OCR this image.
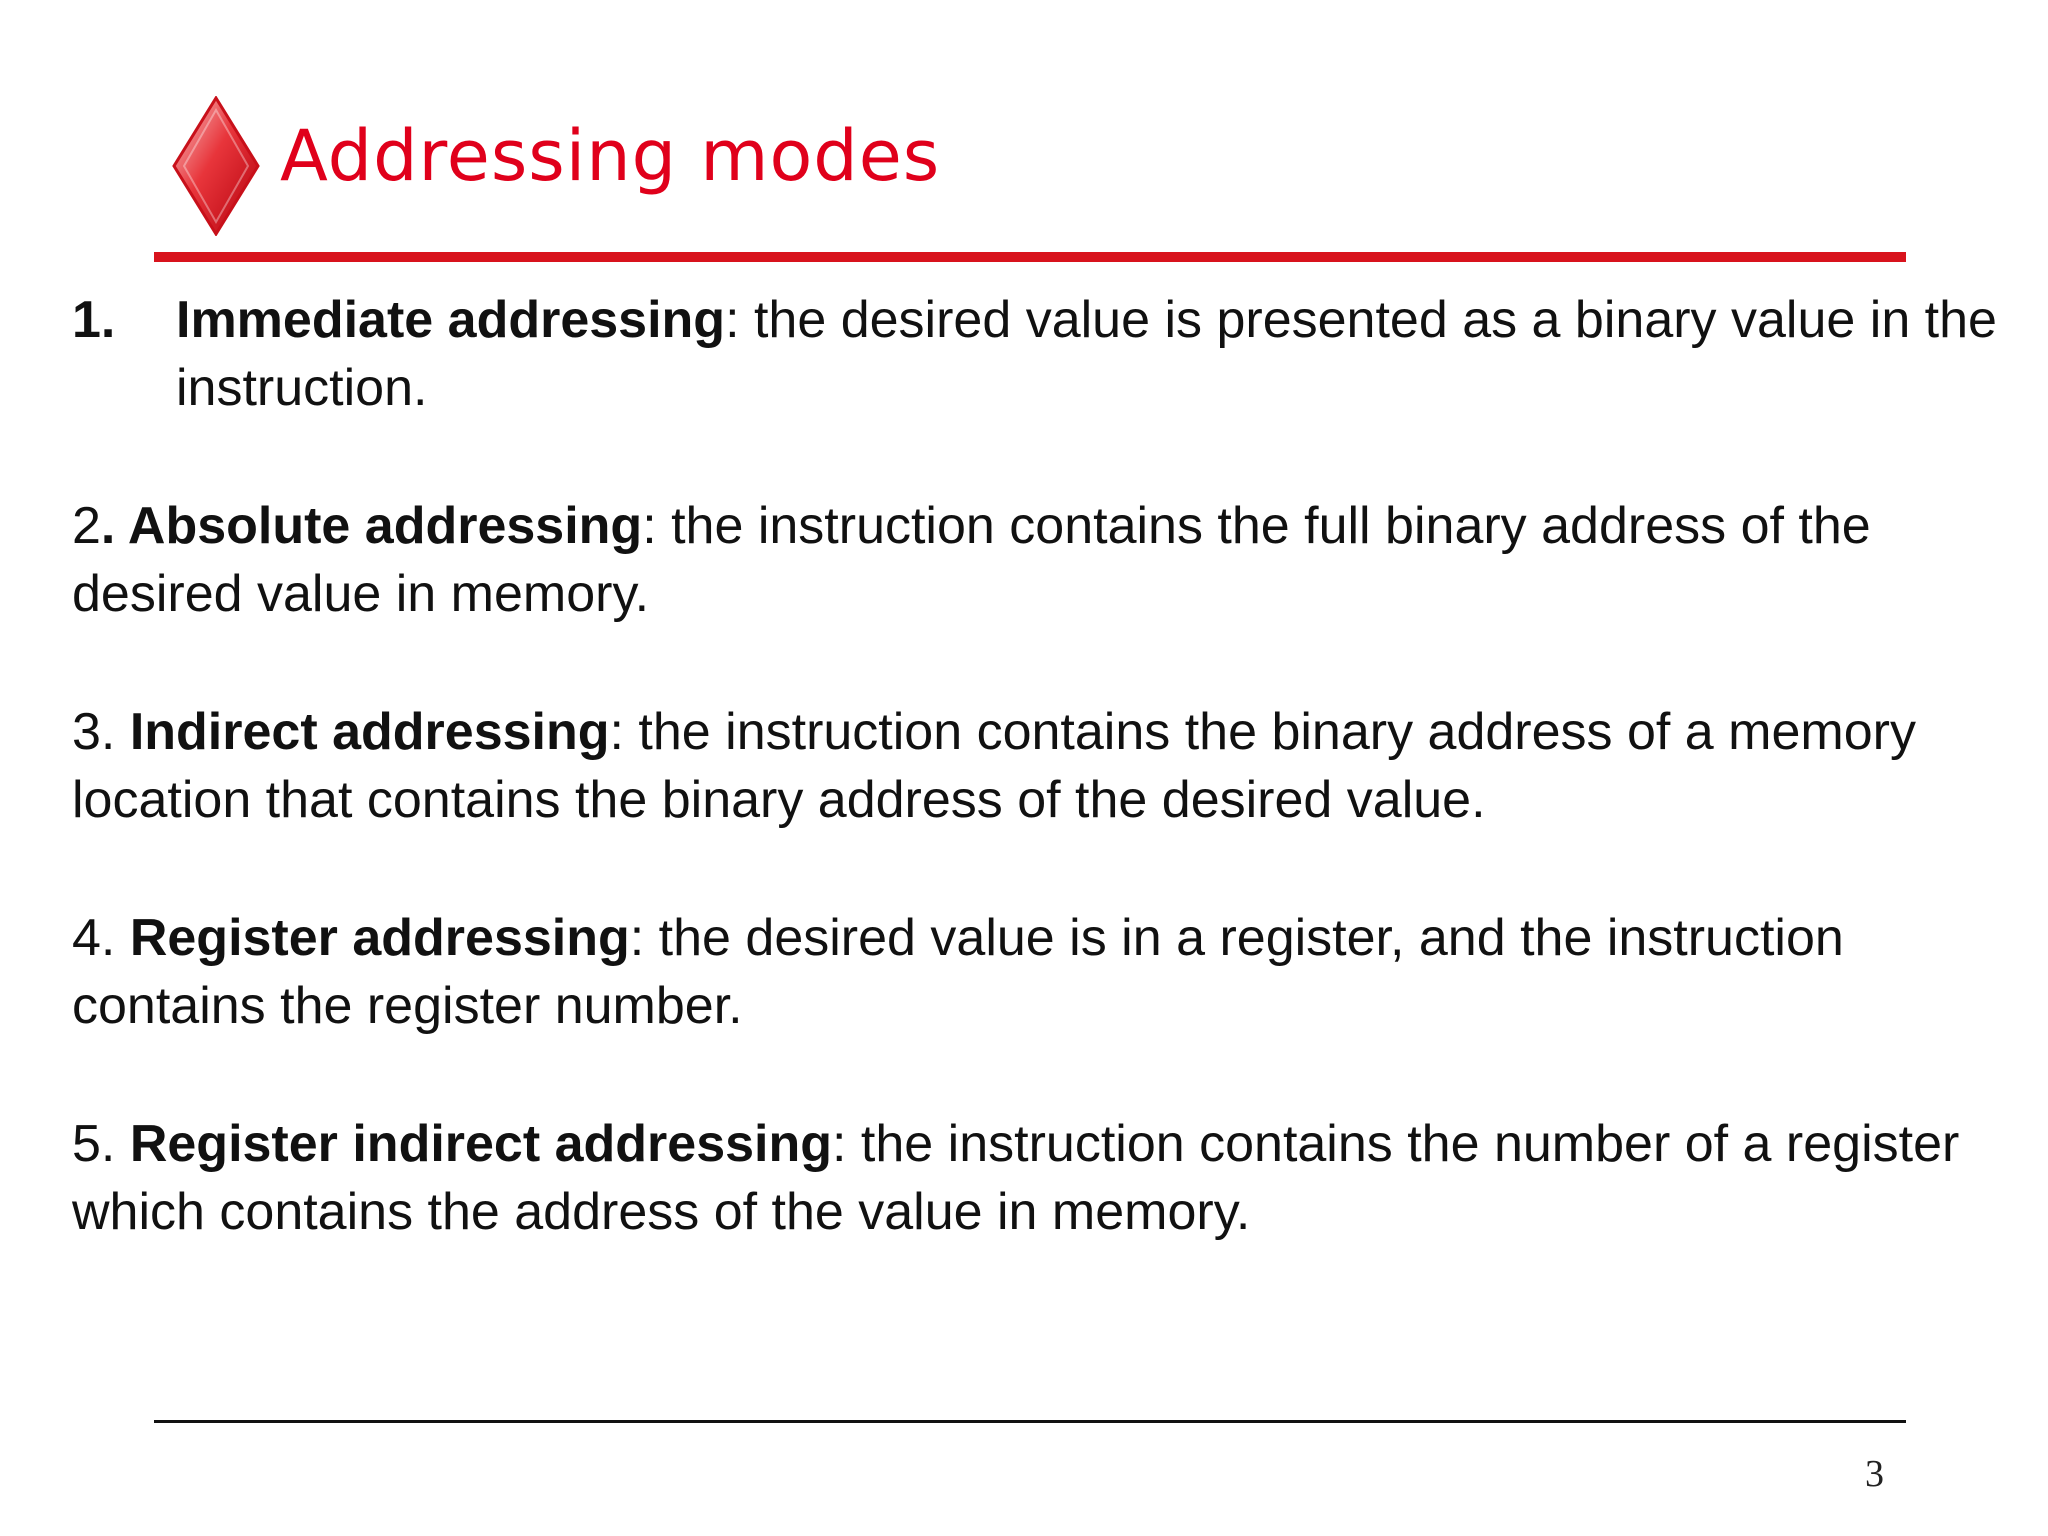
Addressing modes
1.	Immediate addressing: the desired value is presented as a binary value in the instruction.

2. Absolute addressing: the instruction contains the full binary address of the desired value in memory.

3. Indirect addressing: the instruction contains the binary address of a memory location that contains the binary address of the desired value.

4. Register addressing: the desired value is in a register, and the instruction contains the register number.

5. Register indirect addressing: the instruction contains the number of a register which contains the address of the value in memory.

3
